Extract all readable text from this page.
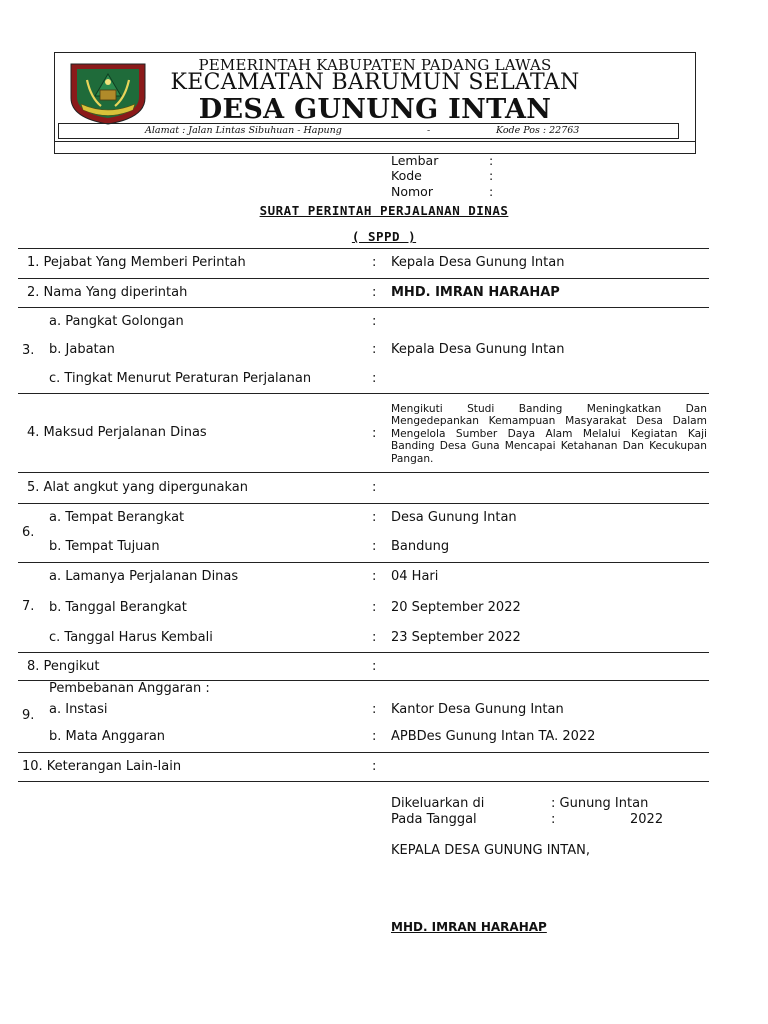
PEMERINTAH KABUPATEN PADANG LAWAS
KECAMATAN BARUMUN SELATAN
DESA GUNUNG INTAN
Alamat : Jalan Lintas Sibuhuan - Hapung	-	Kode Pos : 22763
Lembar	:
Kode	:
Nomor	:
SURAT PERINTAH PERJALANAN DINAS
( SPPD )
1. Pejabat Yang Memberi Perintah	: Kepala Desa Gunung Intan
2. Nama Yang diperintah	: MHD. IMRAN HARAHAP
3.
a. Pangkat Golongan	:
b. Jabatan	: Kepala Desa Gunung Intan
c. Tingkat Menurut Peraturan Perjalanan	:
4. Maksud Perjalanan Dinas	:
Mengikuti Studi Banding Meningkatkan Dan Mengedepankan Kemampuan Masyarakat Desa Dalam Mengelola Sumber Daya Alam Melalui Kegiatan Kaji Banding Desa Guna Mencapai Ketahanan Dan Kecukupan Pangan.
5. Alat angkut yang dipergunakan	:
6.
a. Tempat Berangkat	: Desa Gunung Intan
b. Tempat Tujuan	: Bandung
7.
a. Lamanya Perjalanan Dinas	: 04 Hari
b. Tanggal Berangkat	: 20 September 2022
c. Tanggal Harus Kembali	: 23 September 2022
8. Pengikut	:
9.
Pembebanan Anggaran :
a. Instasi	: Kantor Desa Gunung Intan
b. Mata Anggaran	: APBDes Gunung Intan TA. 2022
10. Keterangan Lain-lain	:
Dikeluarkan di	: Gunung Intan
Pada Tanggal	:	2022
KEPALA DESA GUNUNG INTAN,
MHD. IMRAN HARAHAP
